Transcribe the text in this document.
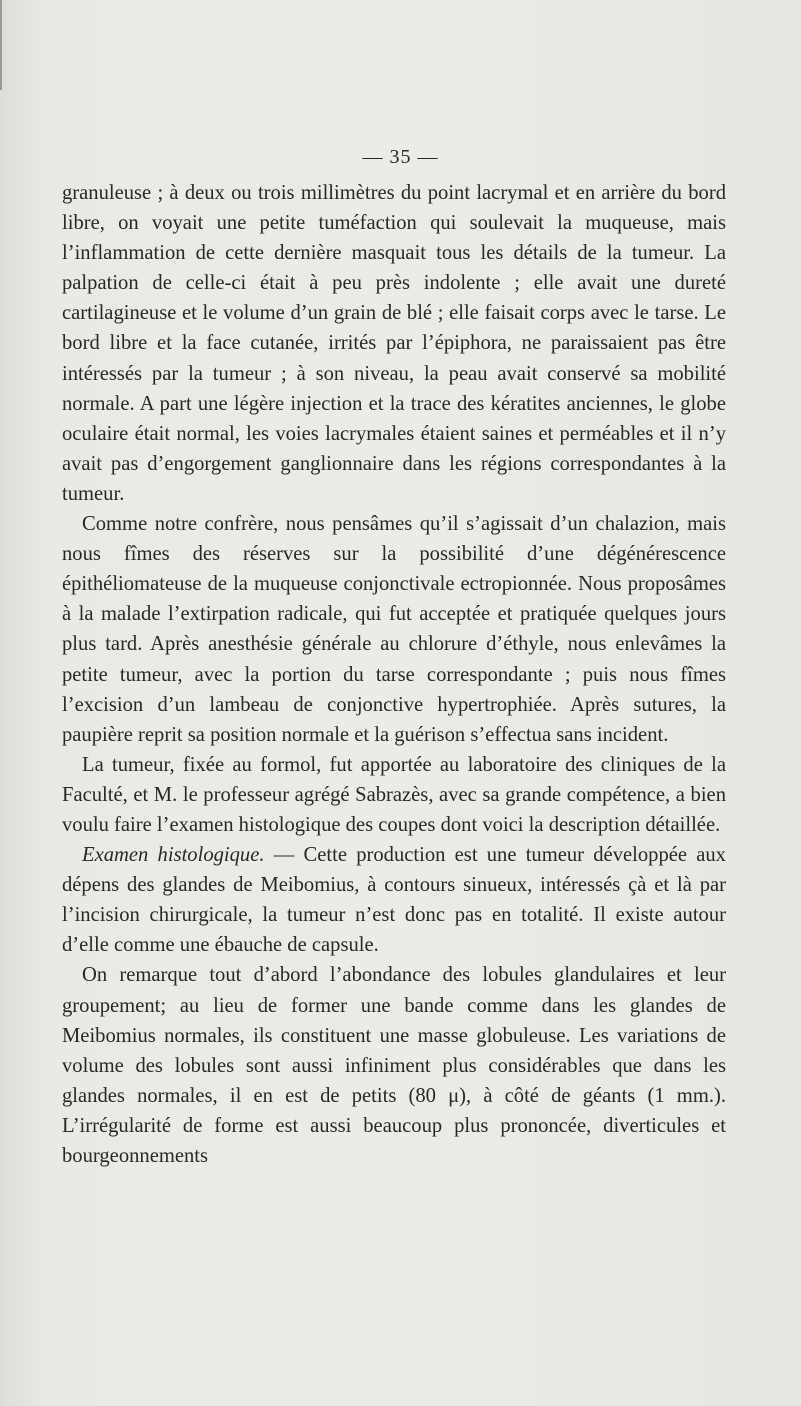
— 35 —

granuleuse ; à deux ou trois millimètres du point lacrymal et en arrière du bord libre, on voyait une petite tuméfaction qui soulevait la muqueuse, mais l’inflammation de cette dernière masquait tous les détails de la tumeur. La palpation de celle-ci était à peu près indolente ; elle avait une dureté cartilagineuse et le volume d’un grain de blé ; elle faisait corps avec le tarse. Le bord libre et la face cutanée, irrités par l’épiphora, ne paraissaient pas être intéressés par la tumeur ; à son niveau, la peau avait conservé sa mobilité normale. A part une légère injection et la trace des kératites anciennes, le globe oculaire était normal, les voies lacrymales étaient saines et perméables et il n’y avait pas d’engorgement ganglionnaire dans les régions correspondantes à la tumeur.

Comme notre confrère, nous pensâmes qu’il s’agissait d’un chalazion, mais nous fîmes des réserves sur la possibilité d’une dégénérescence épithéliomateuse de la muqueuse conjonctivale ectropionnée. Nous proposâmes à la malade l’extirpation radicale, qui fut acceptée et pratiquée quelques jours plus tard. Après anesthésie générale au chlorure d’éthyle, nous enlevâmes la petite tumeur, avec la portion du tarse correspondante ; puis nous fîmes l’excision d’un lambeau de conjonctive hypertrophiée. Après sutures, la paupière reprit sa position normale et la guérison s’effectua sans incident.

La tumeur, fixée au formol, fut apportée au laboratoire des cliniques de la Faculté, et M. le professeur agrégé Sabrazès, avec sa grande compétence, a bien voulu faire l’examen histologique des coupes dont voici la description détaillée.

Examen histologique. — Cette production est une tumeur développée aux dépens des glandes de Meibomius, à contours sinueux, intéressés çà et là par l’incision chirurgicale, la tumeur n’est donc pas en totalité. Il existe autour d’elle comme une ébauche de capsule.

On remarque tout d’abord l’abondance des lobules glandulaires et leur groupement; au lieu de former une bande comme dans les glandes de Meibomius normales, ils constituent une masse globuleuse. Les variations de volume des lobules sont aussi infiniment plus considérables que dans les glandes normales, il en est de petits (80 μ), à côté de géants (1 mm.). L’irrégularité de forme est aussi beaucoup plus prononcée, diverticules et bourgeonnements
